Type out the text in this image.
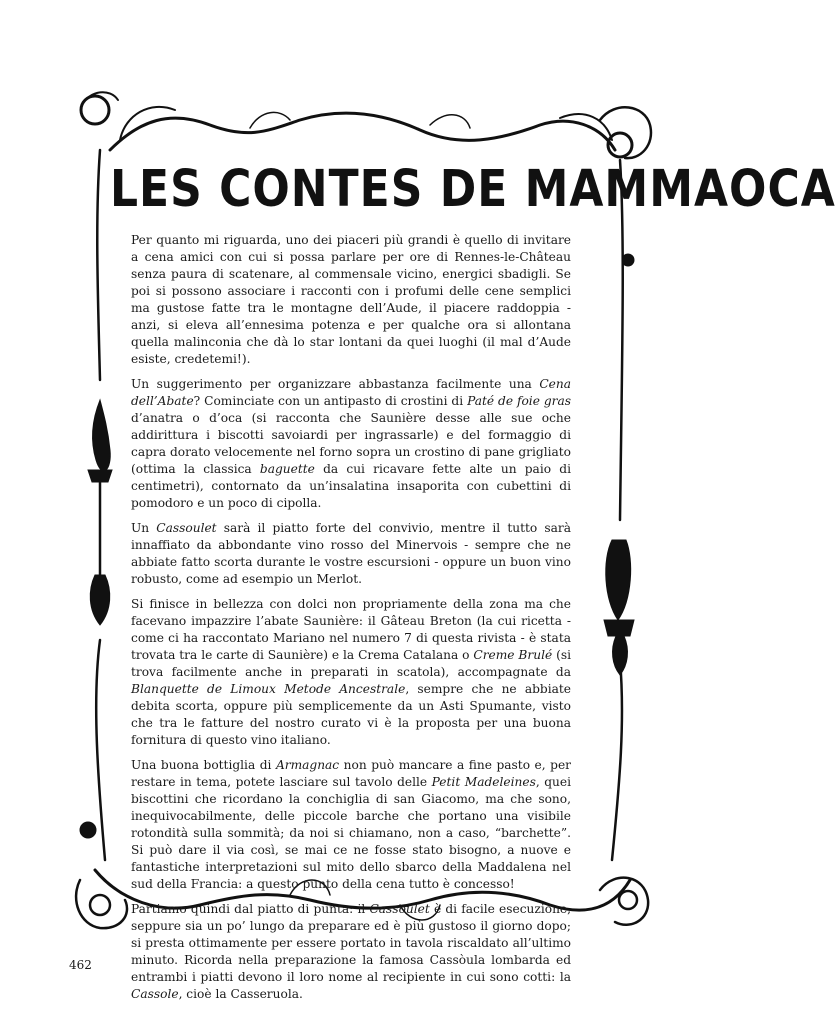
LES CONTES DE MAMMAOCA

Per quanto mi riguarda, uno dei piaceri più grandi è quello di invitare a cena amici con cui si possa parlare per ore di Rennes-le-Château senza paura di scatenare, al commensale vicino, energici sbadigli. Se poi si possono associare i racconti con i profumi delle cene semplici ma gustose fatte tra le montagne dell’Aude, il piacere raddoppia - anzi, si eleva all’ennesima potenza e per qualche ora si allontana quella malinconia che dà lo star lontani da quei luoghi (il mal d’Aude esiste, credetemi!).

Un suggerimento per organizzare abbastanza facilmente una Cena dell’Abate? Cominciate con un antipasto di crostini di Paté de foie gras d’anatra o d’oca (si racconta che Saunière desse alle sue oche addirittura i biscotti savoiardi per ingrassarle) e del formaggio di capra dorato velocemente nel forno sopra un crostino di pane grigliato (ottima la classica baguette da cui ricavare fette alte un paio di centimetri), contornato da un’insalatina insaporita con cubettini di pomodoro e un poco di cipolla.

Un Cassoulet sarà il piatto forte del convivio, mentre il tutto sarà innaffiato da abbondante vino rosso del Minervois - sempre che ne abbiate fatto scorta durante le vostre escursioni - oppure un buon vino robusto, come ad esempio un Merlot.

Si finisce in bellezza con dolci non propriamente della zona ma che facevano impazzire l’abate Saunière: il Gâteau Breton (la cui ricetta - come ci ha raccontato Mariano nel numero 7 di questa rivista - è stata trovata tra le carte di Saunière) e la Crema Catalana o Creme Brulé (si trova facilmente anche in preparati in scatola), accompagnate da Blanquette de Limoux Metode Ancestrale, sempre che ne abbiate debita scorta, oppure più semplicemente da un Asti Spumante, visto che tra le fatture del nostro curato vi è la proposta per una buona fornitura di questo vino italiano.

Una buona bottiglia di Armagnac non può mancare a fine pasto e, per restare in tema, potete lasciare sul tavolo delle Petit Madeleines, quei biscottini che ricordano la conchiglia di san Giacomo, ma che sono, inequivocabilmente, delle piccole barche che portano una visibile rotondità sulla sommità; da noi si chiamano, non a caso, “barchette”. Si può dare il via così, se mai ce ne fosse stato bisogno, a nuove e fantastiche interpretazioni sul mito dello sbarco della Maddalena nel sud della Francia: a questo punto della cena tutto è concesso!

Partiamo quindi dal piatto di punta: il Cassoulet è di facile esecuzione, seppure sia un po’ lungo da preparare ed è più gustoso il giorno dopo; si presta ottimamente per essere portato in tavola riscaldato all’ultimo minuto. Ricorda nella preparazione la famosa Cassòula lombarda ed entrambi i piatti devono il loro nome al recipiente in cui sono cotti: la Cassole, cioè la Casseruola.

462
